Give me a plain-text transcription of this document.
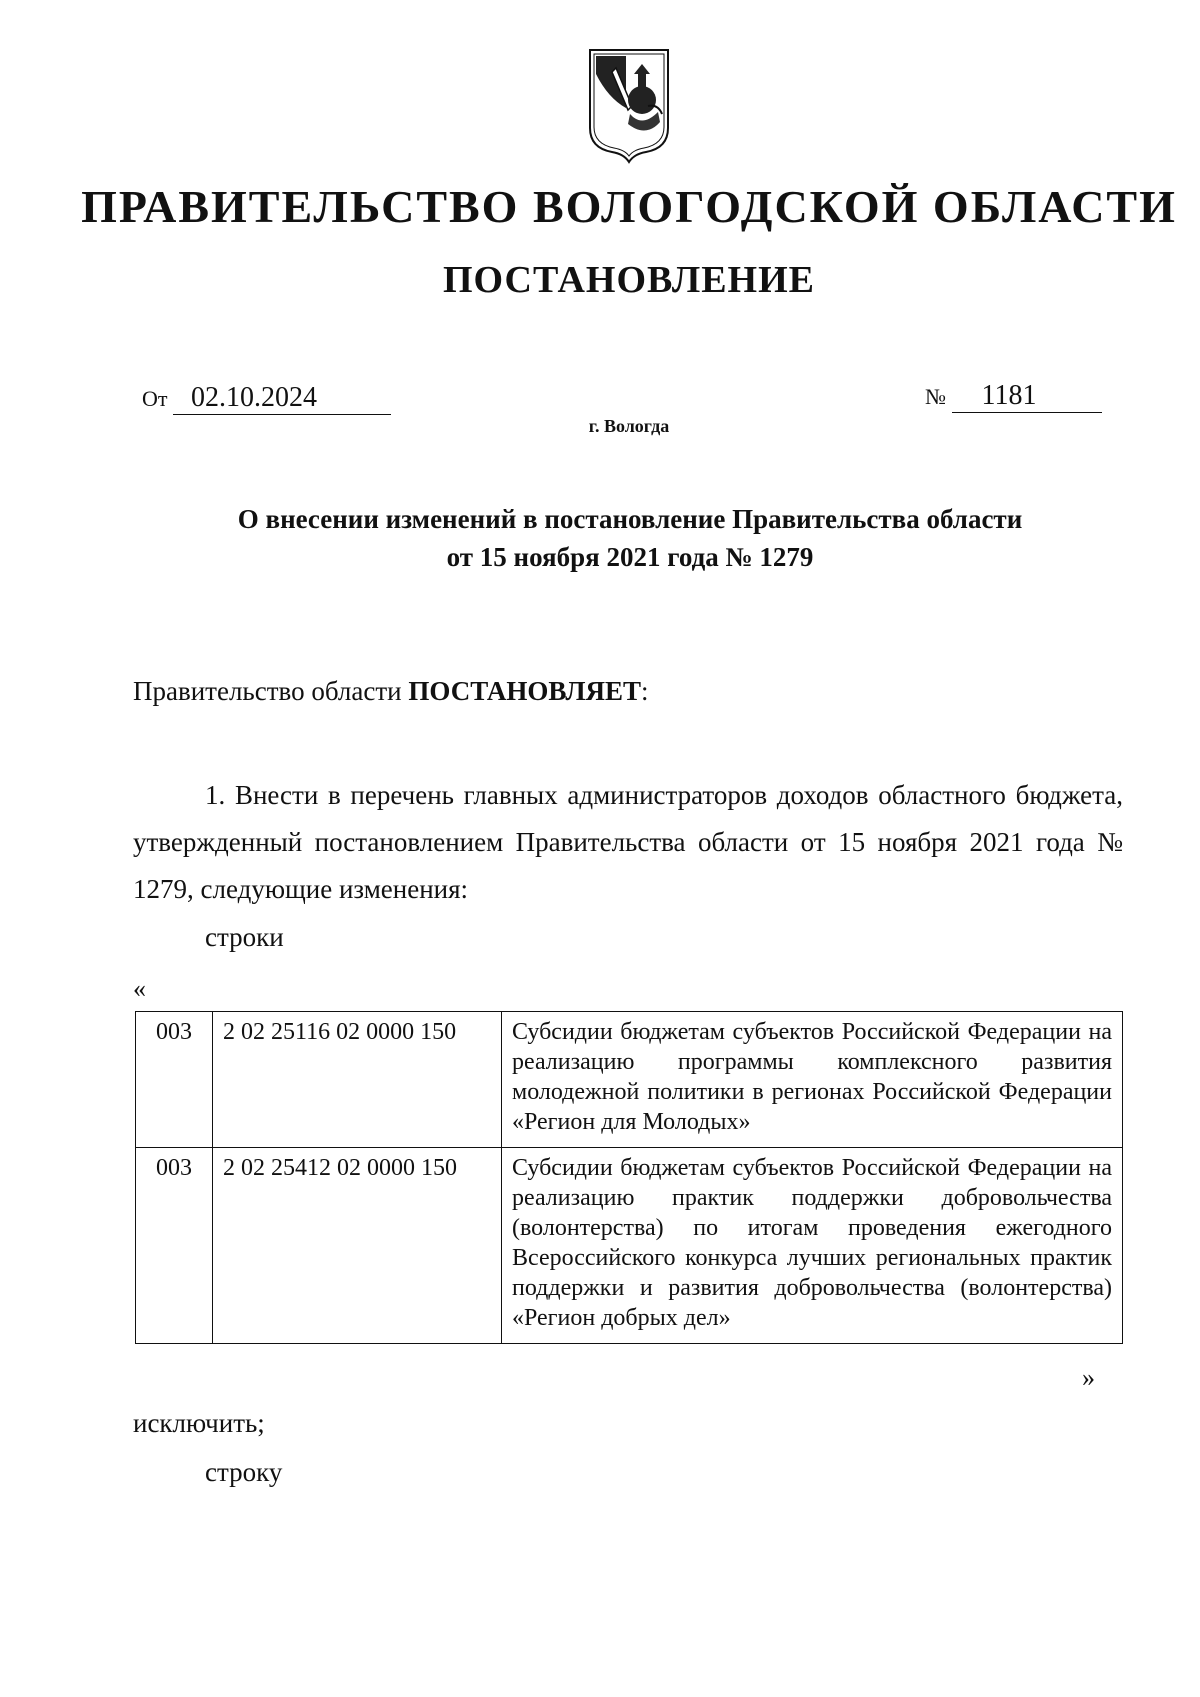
ПРАВИТЕЛЬСТВО ВОЛОГОДСКОЙ ОБЛАСТИ
ПОСТАНОВЛЕНИЕ
От 02.10.2024	№ 1181
г. Вологда
О внесении изменений в постановление Правительства области
от 15 ноября 2021 года № 1279
Правительство области ПОСТАНОВЛЯЕТ:

1. Внести в перечень главных администраторов доходов областного бюджета, утвержденный постановлением Правительства области от 15 ноября 2021 года № 1279, следующие изменения:

строки
«
003	2 02 25116 02 0000 150	Субсидии бюджетам субъектов Российской Федерации на реализацию программы комплексного развития молодежной политики в регионах Российской Федерации «Регион для Молодых»
003	2 02 25412 02 0000 150	Субсидии бюджетам субъектов Российской Федерации на реализацию практик поддержки добровольчества (волонтерства) по итогам проведения ежегодного Всероссийского конкурса лучших региональных практик поддержки и развития добровольчества (волонтерства) «Регион добрых дел»
»
исключить;
строку
